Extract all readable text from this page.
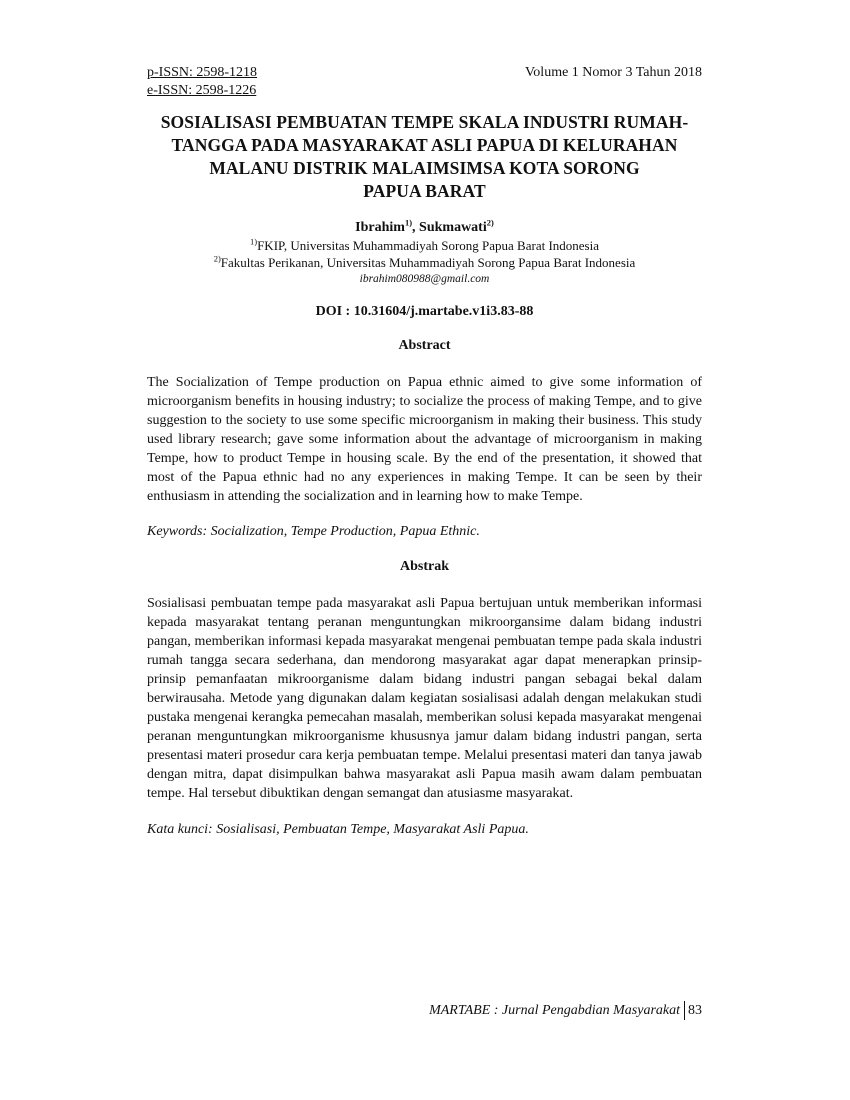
p-ISSN: 2598-1218
e-ISSN: 2598-1226
Volume 1 Nomor 3 Tahun 2018
SOSIALISASI PEMBUATAN TEMPE SKALA INDUSTRI RUMAH-
TANGGA PADA MASYARAKAT ASLI PAPUA DI KELURAHAN
MALANU DISTRIK MALAIMSIMSA KOTA SORONG
PAPUA BARAT
Ibrahim$^{1)}$, Sukmawati$^{2)}$
$^{1)}$FKIP, Universitas Muhammadiyah Sorong Papua Barat Indonesia
$^{2)}$Fakultas Perikanan, Universitas Muhammadiyah Sorong Papua Barat Indonesia
ibrahim080988@gmail.com
DOI : 10.31604/j.martabe.v1i3.83-88
Abstract
The Socialization of Tempe production on Papua ethnic aimed to give some information of microorganism benefits in housing industry; to socialize the process of making Tempe, and to give suggestion to the society to use some specific microorganism in making their business. This study used library research; gave some information about the advantage of microorganism in making Tempe, how to product Tempe in housing scale. By the end of the presentation, it showed that most of the Papua ethnic had no any experiences in making Tempe. It can be seen by their enthusiasm in attending the socialization and in learning how to make Tempe.
Keywords: Socialization, Tempe Production, Papua Ethnic.
Abstrak
Sosialisasi pembuatan tempe pada masyarakat asli Papua bertujuan untuk memberikan informasi kepada masyarakat tentang peranan menguntungkan mikroorgansime dalam bidang industri pangan, memberikan informasi kepada masyarakat mengenai pembuatan tempe pada skala industri rumah tangga secara sederhana, dan mendorong masyarakat agar dapat menerapkan prinsip-prinsip pemanfaatan mikroorganisme dalam bidang industri pangan sebagai bekal dalam berwirausaha. Metode yang digunakan dalam kegiatan sosialisasi adalah dengan melakukan studi pustaka mengenai kerangka pemecahan masalah, memberikan solusi kepada masyarakat mengenai peranan menguntungkan mikroorganisme khususnya jamur dalam bidang industri pangan, serta presentasi materi prosedur cara kerja pembuatan tempe. Melalui presentasi materi dan tanya jawab dengan mitra, dapat disimpulkan bahwa masyarakat asli Papua masih awam dalam pembuatan tempe. Hal tersebut dibuktikan dengan semangat dan atusiasme masyarakat.
Kata kunci: Sosialisasi, Pembuatan Tempe, Masyarakat Asli Papua.
MARTABE : Jurnal Pengabdian Masyarakat 83
